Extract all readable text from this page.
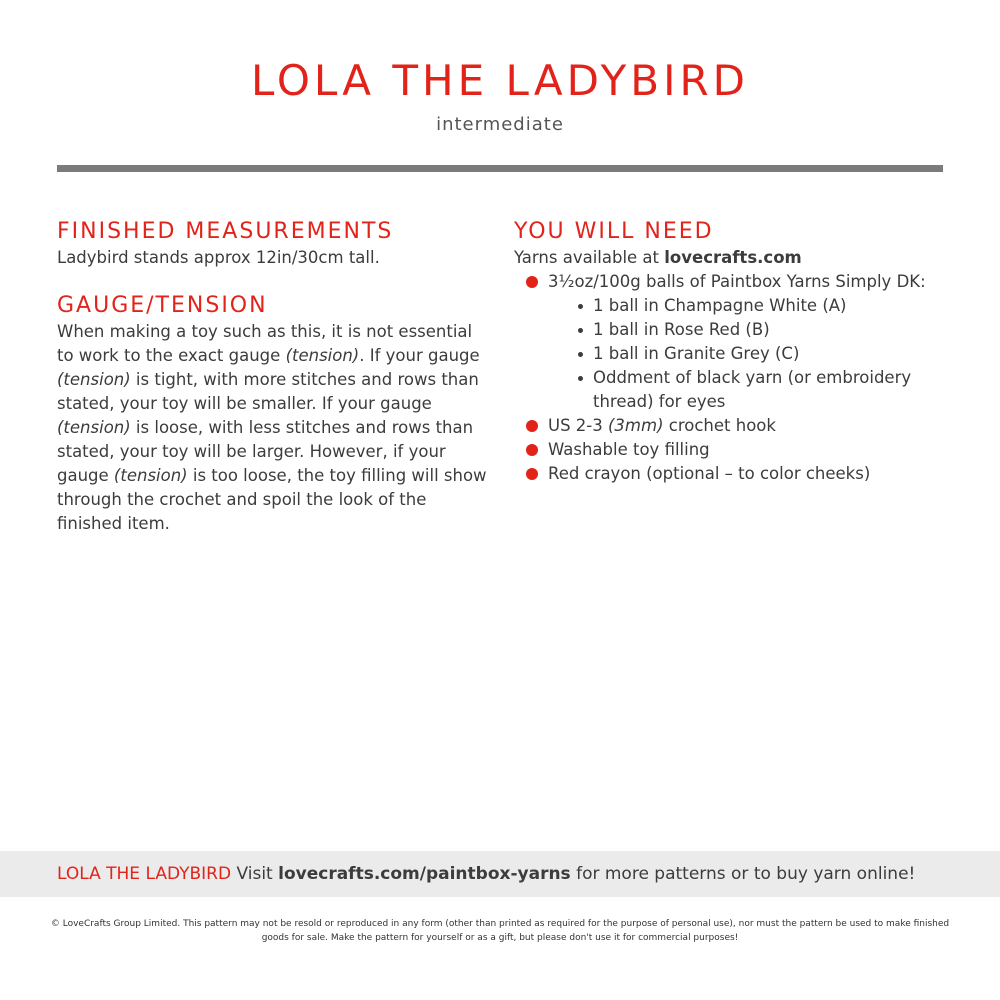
LOLA THE LADYBIRD
intermediate
FINISHED MEASUREMENTS

Ladybird stands approx 12in/30cm tall.

GAUGE/TENSION

When making a toy such as this, it is not essential to work to the exact gauge (tension). If your gauge (tension) is tight, with more stitches and rows than stated, your toy will be smaller. If your gauge (tension) is loose, with less stitches and rows than stated, your toy will be larger. However, if your gauge (tension) is too loose, the toy filling will show through the crochet and spoil the look of the finished item.

YOU WILL NEED

Yarns available at lovecrafts.com

3½oz/100g balls of Paintbox Yarns Simply DK:
1 ball in Champagne White (A)
1 ball in Rose Red (B)
1 ball in Granite Grey (C)
Oddment of black yarn (or embroidery thread) for eyes
US 2-3 (3mm) crochet hook
Washable toy filling
Red crayon (optional – to color cheeks)
LOLA THE LADYBIRD Visit lovecrafts.com/paintbox-yarns for more patterns or to buy yarn online!
© LoveCrafts Group Limited. This pattern may not be resold or reproduced in any form (other than printed as required for the purpose of personal use), nor must the pattern be used to make finished goods for sale. Make the pattern for yourself or as a gift, but please don't use it for commercial purposes!
